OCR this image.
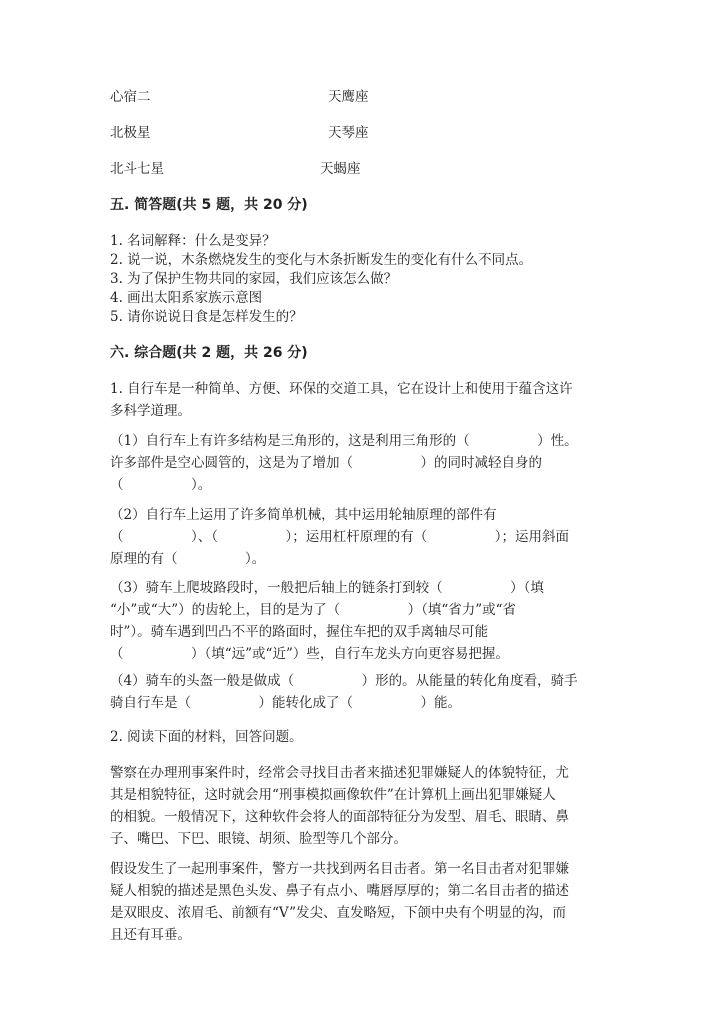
心宿二	天鹰座
北极星	天琴座
北斗七星	天蝎座
五. 简答题(共 5 题，共 20 分)
1. 名词解释：什么是变异？
2. 说一说，木条燃烧发生的变化与木条折断发生的变化有什么不同点。
3. 为了保护生物共同的家园，我们应该怎么做？
4. 画出太阳系家族示意图
5. 请你说说日食是怎样发生的？
六. 综合题(共 2 题，共 26 分)
1. 自行车是一种简单、方便、环保的交道工具，它在设计上和使用于蕴含这许
多科学道理。
（1）自行车上有许多结构是三角形的，这是利用三角形的（　　　　　）性。
许多部件是空心圆管的，这是为了增加（　　　　　）的同时减轻自身的
（　　　　　）。
（2）自行车上运用了许多简单机械，其中运用轮轴原理的部件有
（　　　　　）、（　　　　　）；运用杠杆原理的有（　　　　　）；运用斜面
原理的有（　　　　　）。
（3）骑车上爬坡路段时，一般把后轴上的链条打到较（　　　　　）（填
“小”或“大”）的齿轮上，目的是为了（　　　　　）（填“省力”或“省
时”）。骑车遇到凹凸不平的路面时，握住车把的双手离轴尽可能
（　　　　　）（填“远”或“近”）些，自行车龙头方向更容易把握。
（4）骑车的头盔一般是做成（　　　　　）形的。从能量的转化角度看，骑手
骑自行车是（　　　　　）能转化成了（　　　　　）能。
2. 阅读下面的材料，回答问题。
警察在办理刑事案件时，经常会寻找目击者来描述犯罪嫌疑人的体貌特征，尤
其是相貌特征，这时就会用“刑事模拟画像软件”在计算机上画出犯罪嫌疑人
的相貌。一般情况下，这种软件会将人的面部特征分为发型、眉毛、眼睛、鼻
子、嘴巴、下巴、眼镜、胡须、脸型等几个部分。
假设发生了一起刑事案件，警方一共找到两名目击者。第一名目击者对犯罪嫌
疑人相貌的描述是黑色头发、鼻子有点小、嘴唇厚厚的；第二名目击者的描述
是双眼皮、浓眉毛、前额有“V”发尖、直发略短，下颌中央有个明显的沟，而
且还有耳垂。
